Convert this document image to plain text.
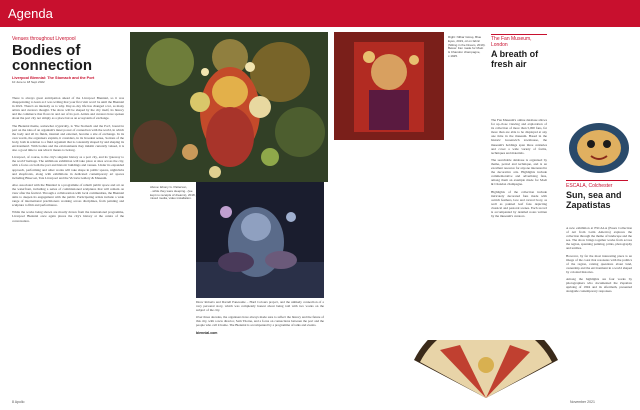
Agenda
Venues throughout Liverpool
Bodies of
connection
Liverpool Biennial: The Stomach and the Port
10 June to 18 Sept 2022

There is always great anticipation ahead of the Liverpool Biennial, so it was disappointing to learn as I was writing that your first visit won't be until the Biennial in 2022. There's an intensity as to why. Day-to-day life has changed a lot, as many artists and curators thought. The show will be shaped by the city itself, its history and the commerce that flows in and out of its port. Artists and curators have spoken about the port city not simply as a place but as an ecosystem of exchange.

The Biennial theme, somewhat cryptically, is 'The Stomach and the Port', bound in part on the idea of an organism's inner power of connection with the world, in which the body and all its fluids, internal and external, become a site of exchange. In its own words, the organisers explain, it considers, in its broadest sense, 'notions of the body, both in relation to a fluid organism that is constantly shaped by and shaping its environment'. With bodies and the environments they inhabit currently valued, it is also a good time to ask what it means to belong.

Liverpool, of course, is the city's singular history as a port city, and its 'gateway to the world' heritage. The ambitious exhibition will take place at sites across the city, with a focus on both the port and historic buildings and venues. Under its expanded approach, performing and other works will take shape in public spaces, nightclubs and shopfronts, along with exhibitions in dedicated contemporary art spaces including Bluecoat, Tate Liverpool and the Victoria Gallery & Museum.

Also associated with the Biennial is a programme of rebuilt public space and art on the waterfront, including a series of commissioned sculptures that will remain on view after the festival. Through a collaboration with local communities, the Biennial aims to deepen its engagement with the public. Participating artists include a wide range of international practitioners working across disciplines, from painting and sculpture to film and performance.

While the works being shown are mostly drawn from the international programme, Liverpool Biennial once again places the city's history at the centre of the conversation.

Above: Ebony G. Patterson, ...while they were sleeping...(we kept no receipts of dreams), 2018, mixed media, video installation.
Right: Nilbar Güreş, Blue Eyes, 2019, oil on fabric (Sitting in the Dream, 2019). Below: Fan made for Moët & Chandon champagne, c.1925.

Drew Roberts and Darrell Panesome – Hard Colours project, and the unlikely connection of a very personal story, which was completely honest about being told with two works on the subject of the city.

Over three decades, the organisers have always made sure to reflect the history and the future of this city, with a new director, Sam Thorne, and a focus on connections between the port and the people who call it home. The Biennial is accompanied by a programme of talks and events.

biennial.com

The Fan Museum,
London
A breath of
fresh air

The Fan Museum's online database allows for up-close viewing and exploration of its collection of more than 5,000 fans, far more than are able to be displayed at any one time in the museum. Based in the historic Greenwich townhouse, the museum's holdings span three centuries and cover a wide variety of forms, techniques and materials.

The searchable database is organised by theme, period and technique, and is an excellent resource for anyone interested in the decorative arts. Highlights include commemorative and advertising fans, among them an example made for Moët & Chandon champagne.

Highlights of the collection include intricately decorated fans made with ostrich feathers, lace and carved ivory, as well as painted leaf fans depicting classical and pastoral scenes. Each record is accompanied by detailed notes written by the museum's curators.

ESCALA, Colchester
Sun, sea and
Zapatistas

A new exhibition at ESCALA (Essex Collection of Art from Latin America) explores the collection through the theme of landscape and the sea. The show brings together works from across the region, spanning painting, prints, photography and textiles.

However, by far the most interesting piece is an image of the coast that resonates with the politics of the region, raising questions about land, ownership and the environment in a world shaped by colonial histories.

Among the highlights are four works by photographers who documented the Zapatista uprising of 1994 and its aftermath, presented alongside contemporary responses.

8 Apollo	November 2021
